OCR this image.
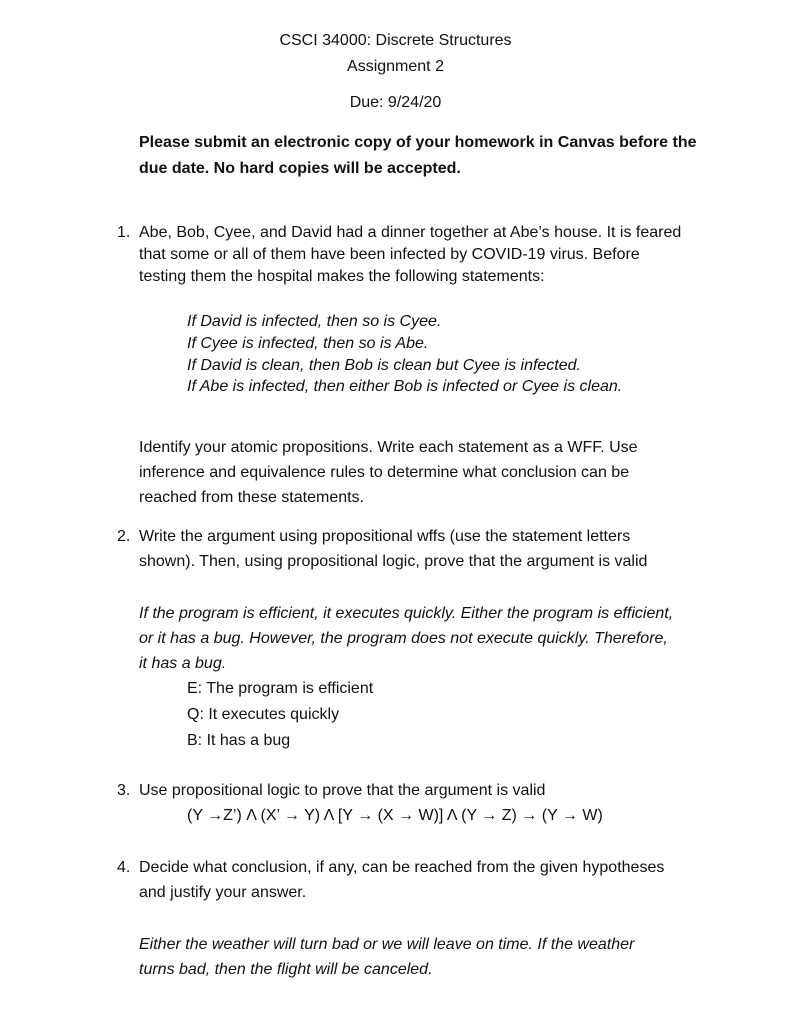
CSCI 34000: Discrete Structures
Assignment 2
Due: 9/24/20
Please submit an electronic copy of your homework in Canvas before the
due date. No hard copies will be accepted.
1. Abe, Bob, Cyee, and David had a dinner together at Abe’s house. It is feared
that some or all of them have been infected by COVID-19 virus. Before
testing them the hospital makes the following statements:
If David is infected, then so is Cyee.
If Cyee is infected, then so is Abe.
If David is clean, then Bob is clean but Cyee is infected.
If Abe is infected, then either Bob is infected or Cyee is clean.
Identify your atomic propositions. Write each statement as a WFF. Use
inference and equivalence rules to determine what conclusion can be
reached from these statements.
2. Write the argument using propositional wffs (use the statement letters
shown). Then, using propositional logic, prove that the argument is valid
If the program is efficient, it executes quickly. Either the program is efficient,
or it has a bug. However, the program does not execute quickly. Therefore,
it has a bug.
E: The program is efficient
Q: It executes quickly
B: It has a bug
3. Use propositional logic to prove that the argument is valid
(Y →Z’) Λ (X’ → Y) Λ [Y → (X → W)] Λ (Y → Z) → (Y → W)
4. Decide what conclusion, if any, can be reached from the given hypotheses
and justify your answer.
Either the weather will turn bad or we will leave on time. If the weather
turns bad, then the flight will be canceled.
